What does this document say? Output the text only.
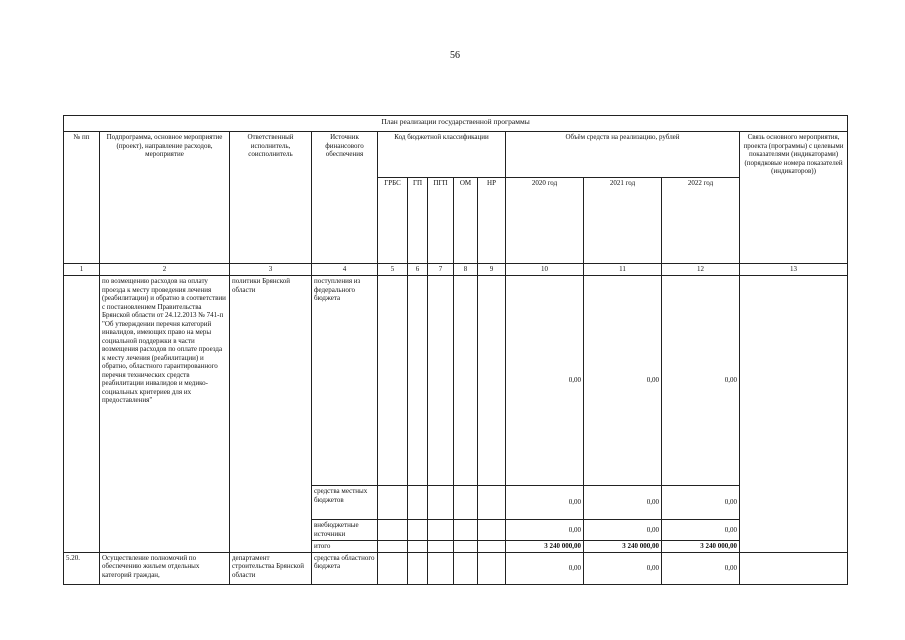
56
План реализации государственной программы												
№ пп	Подпрограмма, основное мероприятие (проект), направление расходов, мероприятие	Ответственный исполнитель, соисполнитель	Источник финансового обеспечения	Код бюджетной классификации					Объём средств на реализацию, рублей			Связь основного мероприятия, проекта (программы) с целевыми показателями (индикаторами) (порядковые номера показателей (индикаторов))
				ГРБС	ГП	ПГП	ОМ	НР	2020 год	2021 год	2022 год	
1	2	3	4	5	6	7	8	9	10	11	12	13
	по возмещению расходов на оплату проезда к месту проведения лечения (реабилитации) и обратно в соответствии с постановлением Правительства Брянской области от 24.12.2013 № 741-п "Об утверждении перечня категорий инвалидов, имеющих право на меры социальной поддержки в части возмещения расходов по оплате проезда к месту лечения (реабилитации) и обратно, областного гарантированного перечня технических средств реабилитации инвалидов и медико-социальных критериев для их предоставления"	политики Брянской области	поступления из федерального бюджета						0,00	0,00	0,00	
			средства местных бюджетов						0,00	0,00	0,00	
			внебюджетные источники						0,00	0,00	0,00	
			итого						3 240 000,00	3 240 000,00	3 240 000,00	
5.20.	Осуществление полномочий по обеспечению жильем отдельных категорий граждан,	департамент строительства Брянской области	средства областного бюджета						0,00	0,00	0,00	
